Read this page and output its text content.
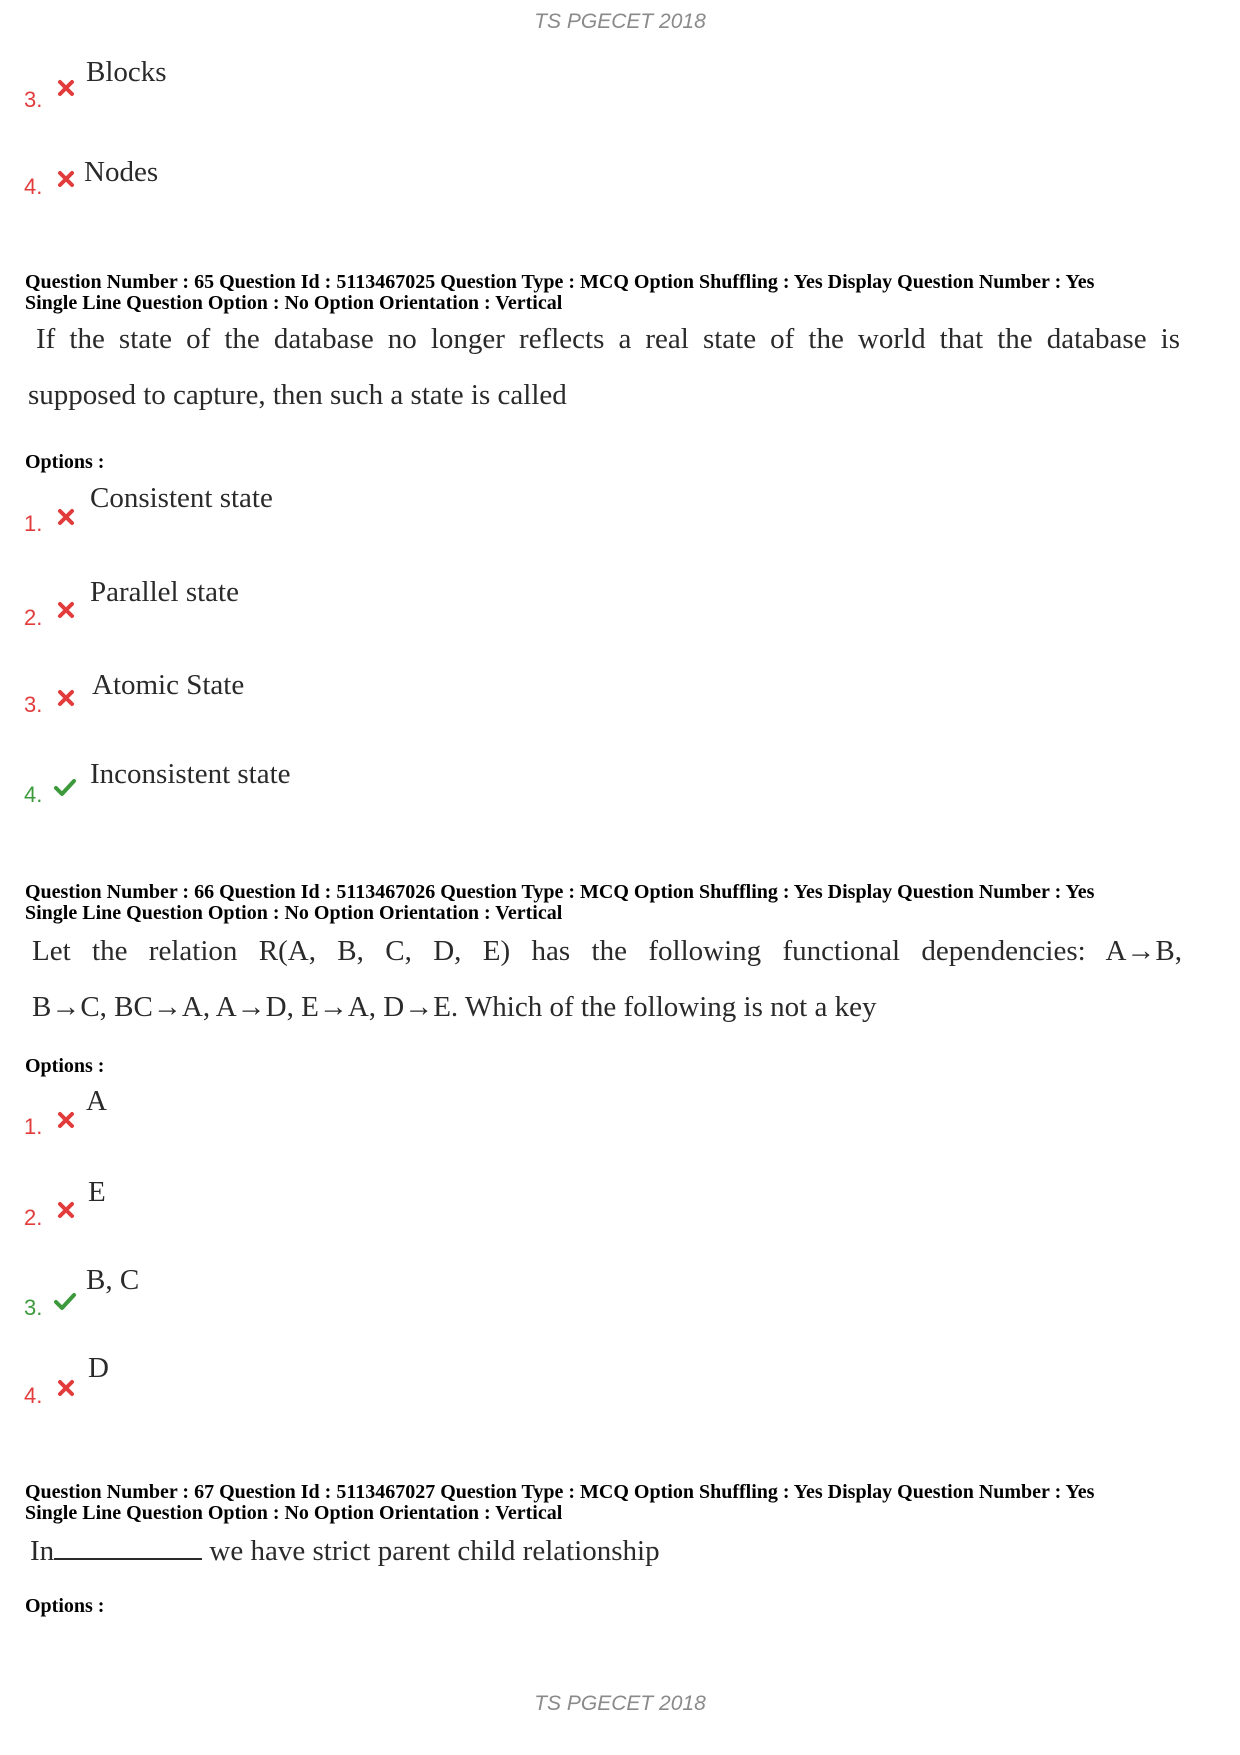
TS PGECET 2018
3.
Blocks
4. Nodes
Question Number : 65 Question Id : 5113467025 Question Type : MCQ Option Shuffling : Yes Display Question Number : Yes
Single Line Question Option : No Option Orientation : Vertical
If the state of the database no longer reflects a real state of the world that the database is
supposed to capture, then such a state is called
Options :
1.
Consistent state
2.
Parallel state
3.
Atomic State
4.
Inconsistent state
Question Number : 66 Question Id : 5113467026 Question Type : MCQ Option Shuffling : Yes Display Question Number : Yes
Single Line Question Option : No Option Orientation : Vertical
Let the relation R(A, B, C, D, E) has the following functional dependencies: A→B,
B→C, BC→A, A→D, E→A, D→E. Which of the following is not a key
Options :
1.
A
2.
E
3.
B, C
4.
D
Question Number : 67 Question Id : 5113467027 Question Type : MCQ Option Shuffling : Yes Display Question Number : Yes
Single Line Question Option : No Option Orientation : Vertical
In	we have strict parent child relationship
Options :
TS PGECET 2018
